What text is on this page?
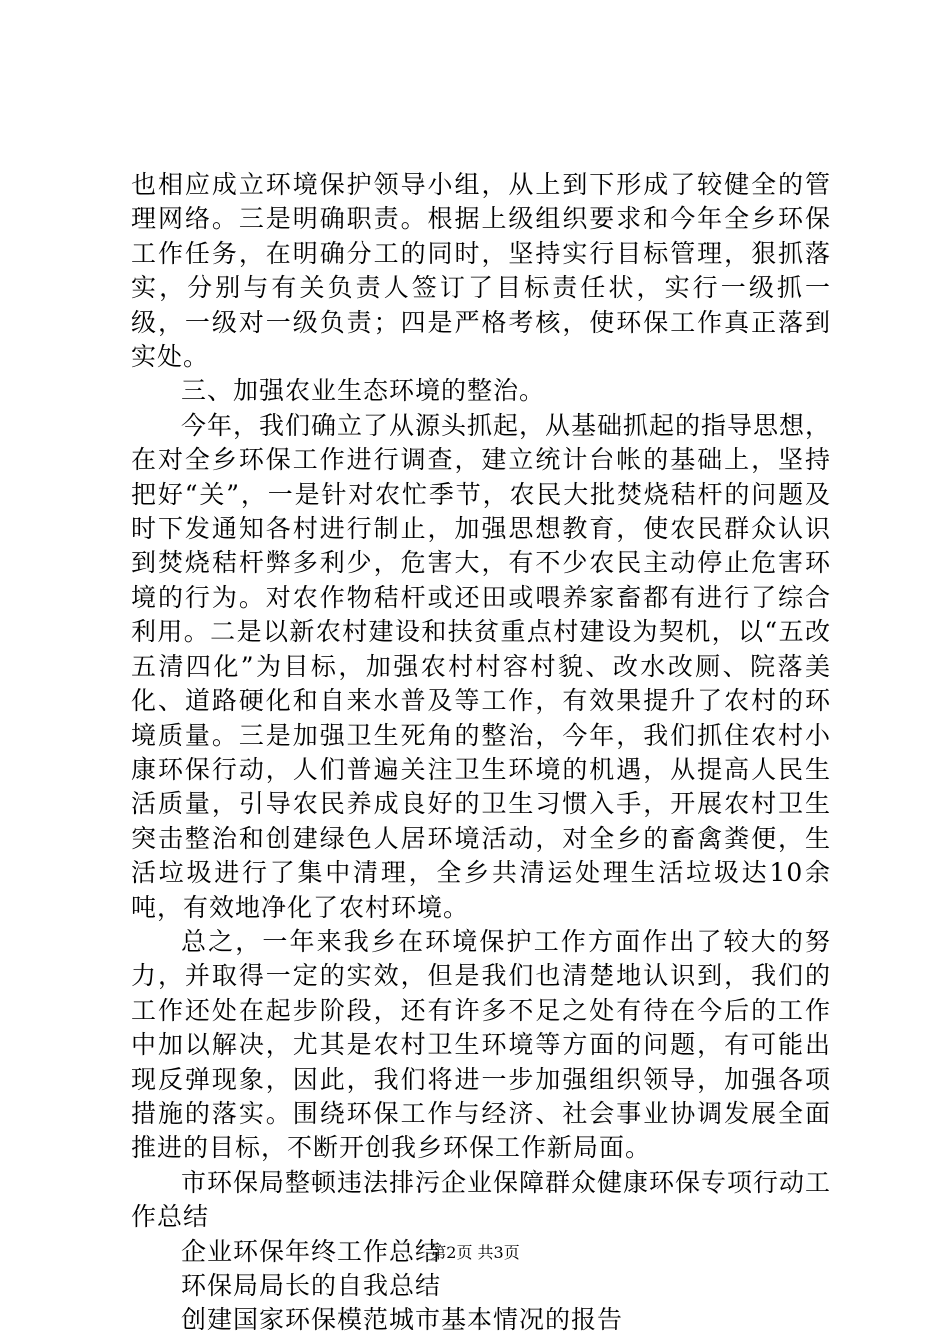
也相应成立环境保护领导小组，从上到下形成了较健全的管理网络。三是明确职责。根据上级组织要求和今年全乡环保工作任务，在明确分工的同时，坚持实行目标管理，狠抓落实，分别与有关负责人签订了目标责任状，实行一级抓一级，一级对一级负责；四是严格考核，使环保工作真正落到实处。

三、加强农业生态环境的整治。

今年，我们确立了从源头抓起，从基础抓起的指导思想，在对全乡环保工作进行调查，建立统计台帐的基础上，坚持把好“关”，一是针对农忙季节，农民大批焚烧秸杆的问题及时下发通知各村进行制止，加强思想教育，使农民群众认识到焚烧秸杆弊多利少，危害大，有不少农民主动停止危害环境的行为。对农作物秸杆或还田或喂养家畜都有进行了综合利用。二是以新农村建设和扶贫重点村建设为契机，以“五改五清四化”为目标，加强农村村容村貌、改水改厕、院落美化、道路硬化和自来水普及等工作，有效果提升了农村的环境质量。三是加强卫生死角的整治，今年，我们抓住农村小康环保行动，人们普遍关注卫生环境的机遇，从提高人民生活质量，引导农民养成良好的卫生习惯入手，开展农村卫生突击整治和创建绿色人居环境活动，对全乡的畜禽粪便，生活垃圾进行了集中清理，全乡共清运处理生活垃圾达10余吨，有效地净化了农村环境。

总之，一年来我乡在环境保护工作方面作出了较大的努力，并取得一定的实效，但是我们也清楚地认识到，我们的工作还处在起步阶段，还有许多不足之处有待在今后的工作中加以解决，尤其是农村卫生环境等方面的问题，有可能出现反弹现象，因此，我们将进一步加强组织领导，加强各项措施的落实。围绕环保工作与经济、社会事业协调发展全面推进的目标，不断开创我乡环保工作新局面。

市环保局整顿违法排污企业保障群众健康环保专项行动工作总结

企业环保年终工作总结

环保局局长的自我总结

创建国家环保模范城市基本情况的报告

第2页 共3页
